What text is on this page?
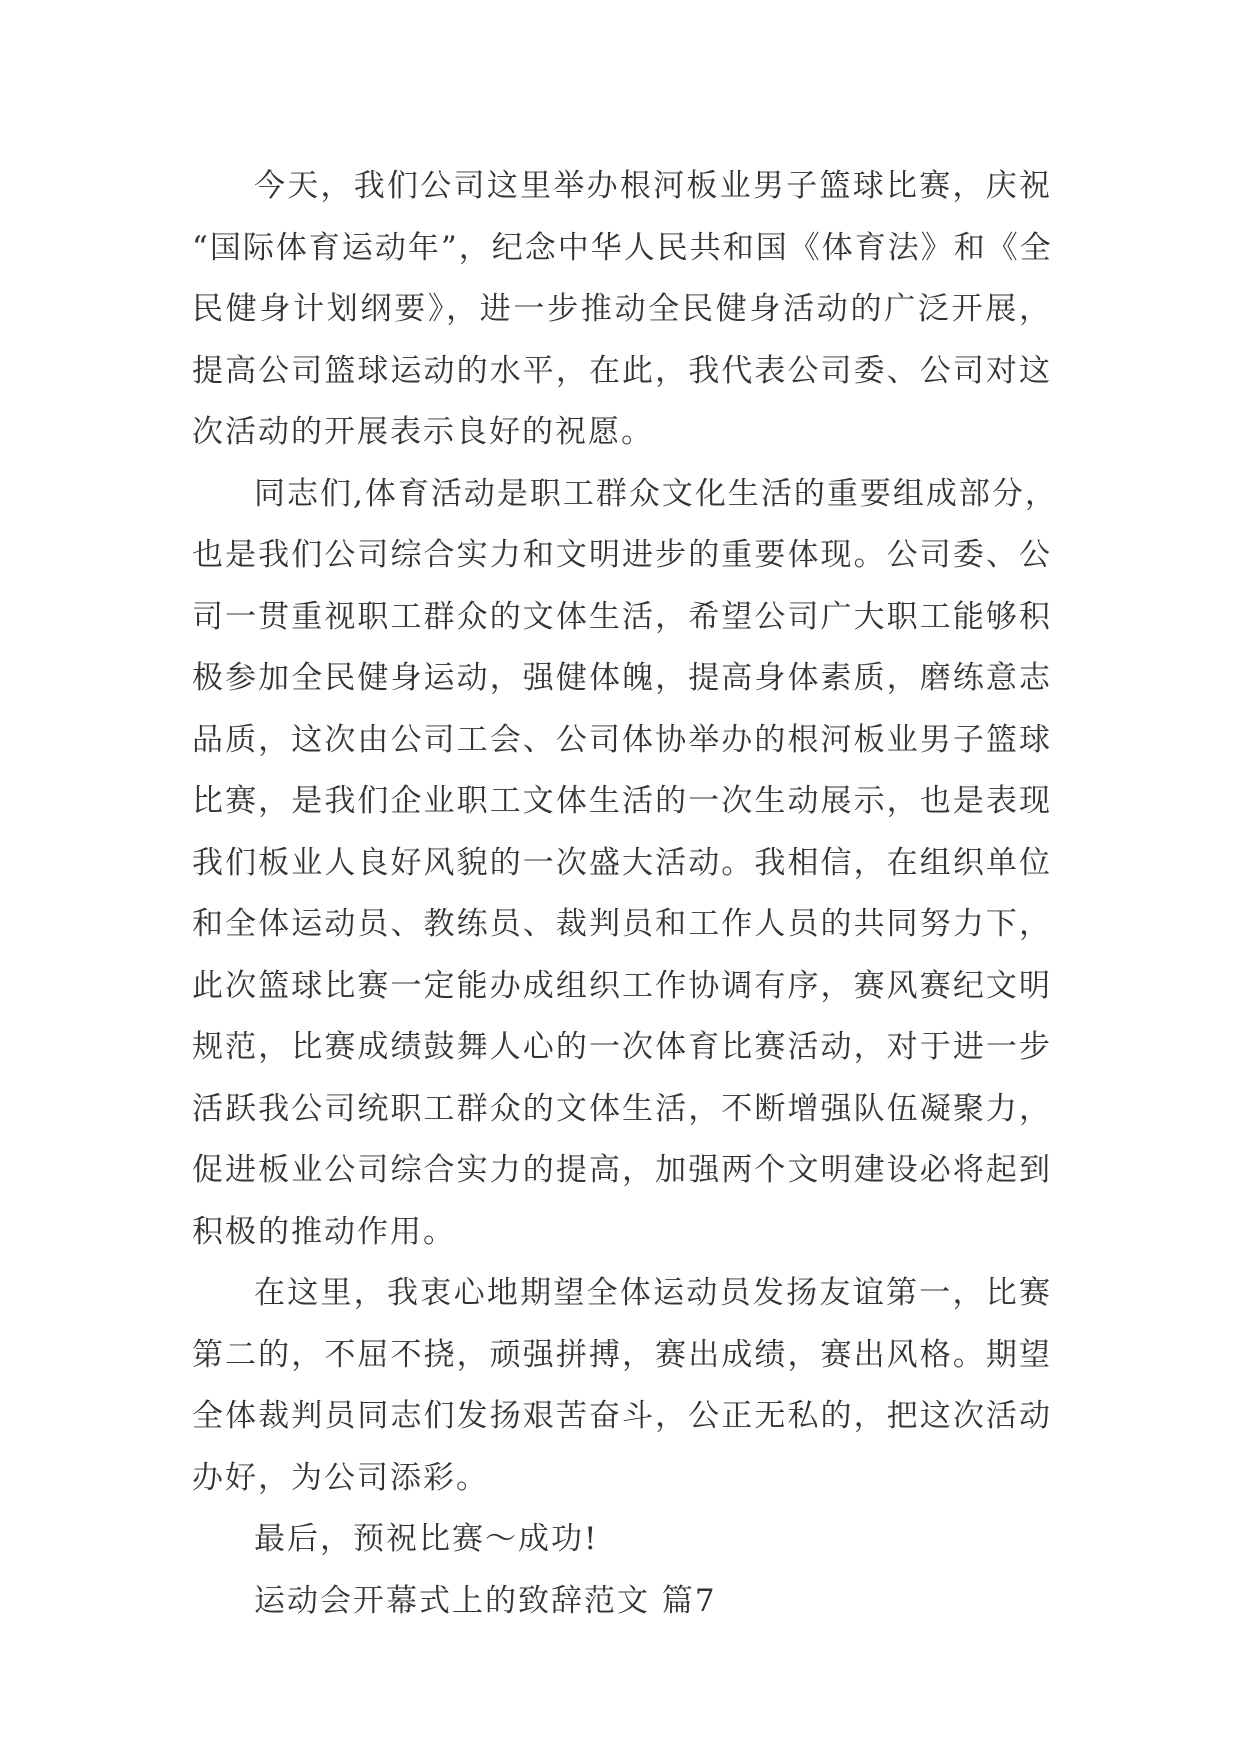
今天，我们公司这里举办根河板业男子篮球比赛，庆祝
“国际体育运动年”，纪念中华人民共和国《体育法》和《全
民健身计划纲要》，进一步推动全民健身活动的广泛开展，
提高公司篮球运动的水平，在此，我代表公司委、公司对这
次活动的开展表示良好的祝愿。

同志们,体育活动是职工群众文化生活的重要组成部分，
也是我们公司综合实力和文明进步的重要体现。公司委、公
司一贯重视职工群众的文体生活，希望公司广大职工能够积
极参加全民健身运动，强健体魄，提高身体素质，磨练意志
品质，这次由公司工会、公司体协举办的根河板业男子篮球
比赛，是我们企业职工文体生活的一次生动展示，也是表现
我们板业人良好风貌的一次盛大活动。我相信，在组织单位
和全体运动员、教练员、裁判员和工作人员的共同努力下，
此次篮球比赛一定能办成组织工作协调有序，赛风赛纪文明
规范，比赛成绩鼓舞人心的一次体育比赛活动，对于进一步
活跃我公司统职工群众的文体生活，不断增强队伍凝聚力，
促进板业公司综合实力的提高，加强两个文明建设必将起到
积极的推动作用。

在这里，我衷心地期望全体运动员发扬友谊第一，比赛
第二的，不屈不挠，顽强拼搏，赛出成绩，赛出风格。期望
全体裁判员同志们发扬艰苦奋斗，公正无私的，把这次活动
办好，为公司添彩。

最后，预祝比赛～成功!

运动会开幕式上的致辞范文 篇7
